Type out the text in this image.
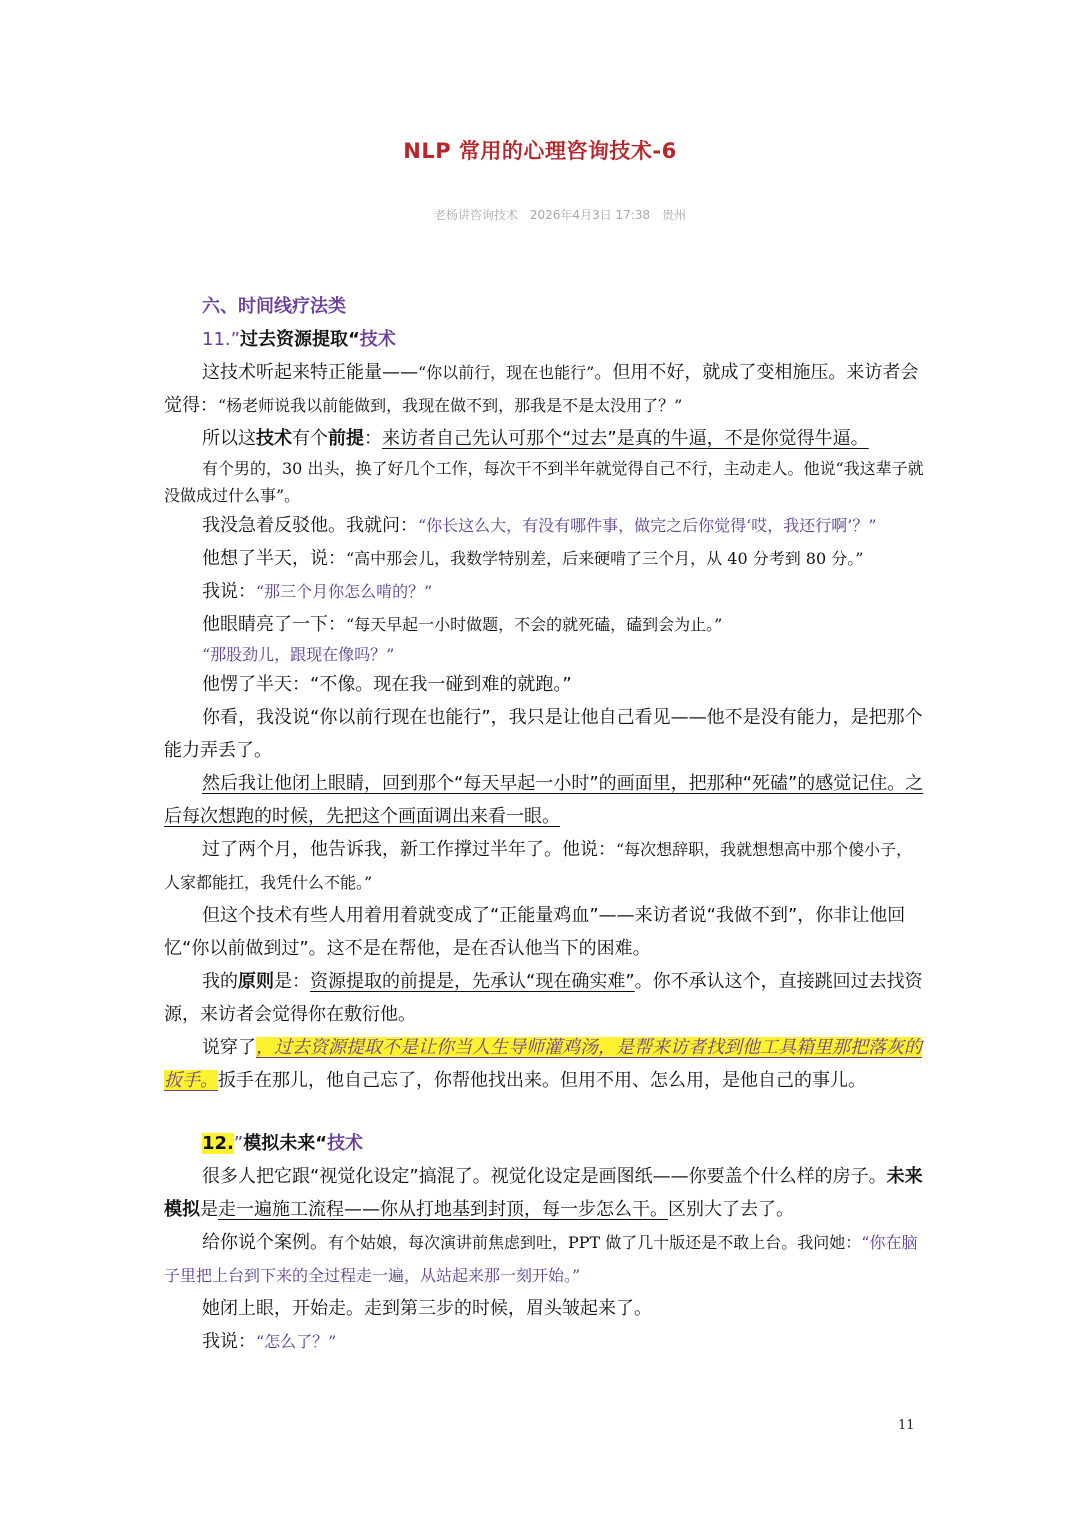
NLP 常用的心理咨询技术-6
老杨讲咨询技术 2026年4月3日 17:38 贵州

六、时间线疗法类

11.”过去资源提取“技术

这技术听起来特正能量——“你以前行，现在也能行”。但用不好，就成了变相施压。来访者会觉得：“杨老师说我以前能做到，我现在做不到，那我是不是太没用了？”

所以这技术有个前提：来访者自己先认可那个“过去”是真的牛逼，不是你觉得牛逼。

有个男的，30 出头，换了好几个工作，每次干不到半年就觉得自己不行，主动走人。他说“我这辈子就没做成过什么事”。

我没急着反驳他。我就问：“你长这么大，有没有哪件事，做完之后你觉得‘哎，我还行啊’？”

他想了半天，说：“高中那会儿，我数学特别差，后来硬啃了三个月，从 40 分考到 80 分。”

我说：“那三个月你怎么啃的？”

他眼睛亮了一下：“每天早起一小时做题，不会的就死磕，磕到会为止。”

“那股劲儿，跟现在像吗？”

他愣了半天：“不像。现在我一碰到难的就跑。”

你看，我没说“你以前行现在也能行”，我只是让他自己看见——他不是没有能力，是把那个能力弄丢了。

然后我让他闭上眼睛，回到那个“每天早起一小时”的画面里，把那种“死磕”的感觉记住。之后每次想跑的时候，先把这个画面调出来看一眼。

过了两个月，他告诉我，新工作撑过半年了。他说：“每次想辞职，我就想想高中那个傻小子，人家都能扛，我凭什么不能。”

但这个技术有些人用着用着就变成了“正能量鸡血”——来访者说“我做不到”，你非让他回忆“你以前做到过”。这不是在帮他，是在否认他当下的困难。

我的原则是：资源提取的前提是，先承认“现在确实难”。你不承认这个，直接跳回过去找资源，来访者会觉得你在敷衍他。

说穿了，过去资源提取不是让你当人生导师灌鸡汤，是帮来访者找到他工具箱里那把落灰的扳手。扳手在那儿，他自己忘了，你帮他找出来。但用不用、怎么用，是他自己的事儿。

12.”模拟未来“技术

很多人把它跟“视觉化设定”搞混了。视觉化设定是画图纸——你要盖个什么样的房子。未来模拟是走一遍施工流程——你从打地基到封顶，每一步怎么干。区别大了去了。

给你说个案例。有个姑娘，每次演讲前焦虑到吐，PPT 做了几十版还是不敢上台。我问她：“你在脑子里把上台到下来的全过程走一遍，从站起来那一刻开始。”

她闭上眼，开始走。走到第三步的时候，眉头皱起来了。

我说：“怎么了？”

11
